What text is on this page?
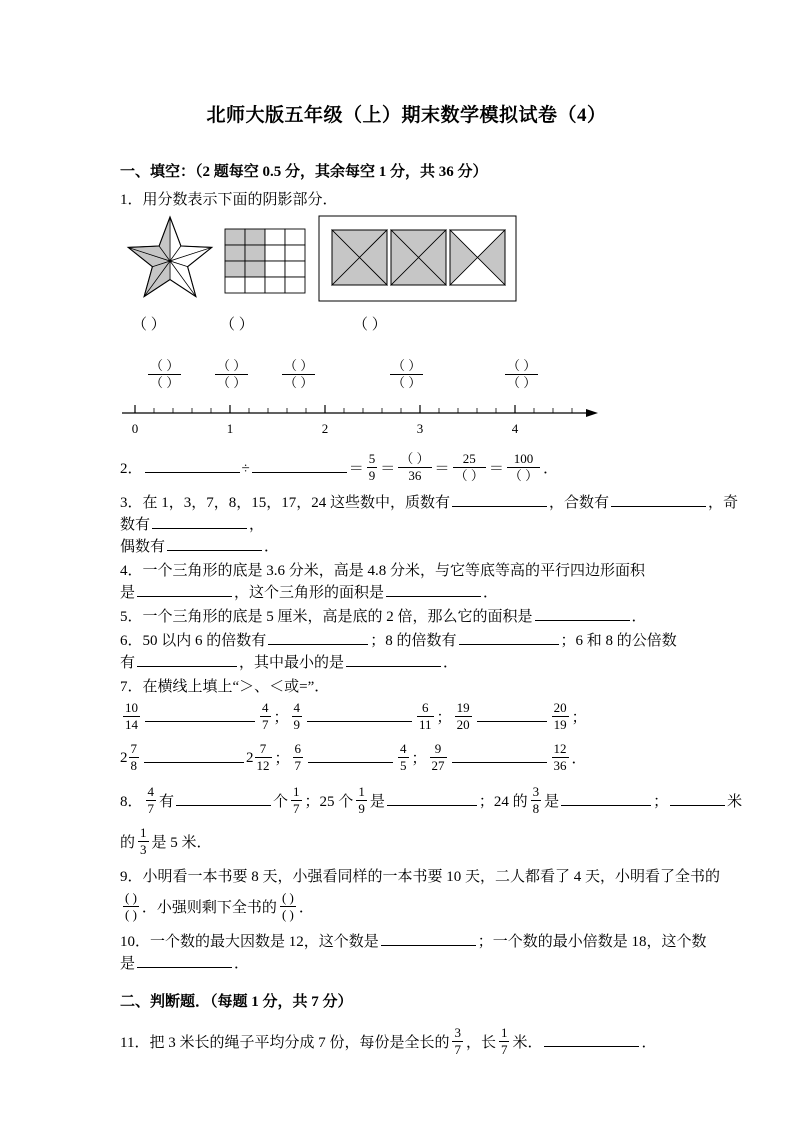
北师大版五年级（上）期末数学模拟试卷（4）
一、填空：（2 题每空 0.5 分，其余每空 1 分，共 36 分）
1．用分数表示下面的阴影部分．
（ ）	（ ）	（ ）
$\frac{( )}{( )}$	$\frac{( )}{( )}$	$\frac{( )}{( )}$	$\frac{( )}{( )}$	$\frac{( )}{( )}$
0	1	2	3	4
2．	÷	＝ $\frac{5}{9} = \frac{( )}{36} = \frac{25}{( )} = \frac{100}{( )}$ ．
3．在 1，3，7，8，15，17，24 这些数中，质数有	，合数有	，奇
数有	，
偶数有	．
4．一个三角形的底是 3.6 分米，高是 4.8 分米，与它等底等高的平行四边形面积
是	，这个三角形的面积是	．
5．一个三角形的底是 5 厘米，高是底的 2 倍，那么它的面积是	．
6．50 以内 6 的倍数有	；8 的倍数有	；6 和 8 的公倍数
有	，其中最小的是	．
7．在横线上填上“＞、＜或=”．
$\frac{10}{14}$	$\frac{4}{7}$ ； $\frac{4}{9}$	$\frac{6}{11}$ ； $\frac{19}{20}$	$\frac{20}{19}$ ；
$2 \frac{7}{8}$	$2 \frac{7}{12}$ ； $\frac{6}{7}$	$\frac{4}{5}$ ； $\frac{9}{27}$	$\frac{12}{36}$ ．
8． $\frac{4}{7}$ 有	个 $\frac{1}{7}$ ；25 个 $\frac{1}{9}$ 是	；24 的 $\frac{3}{8}$ 是	；	米
的 $\frac{1}{3}$ 是 5 米．
9．小明看一本书要 8 天，小强看同样的一本书要 10 天，二人都看了 4 天，小明看了全书的
$\frac{( )}{( )}$ ．小强则剩下全书的 $\frac{( )}{( )}$ ．
10．一个数的最大因数是 12，这个数是	；一个数的最小倍数是 18，这个数
是	．
二、判断题．（每题 1 分，共 7 分）
11．把 3 米长的绳子平均分成 7 份，每份是全长的 $\frac{3}{7}$ ，长 $\frac{1}{7}$ 米．	．
